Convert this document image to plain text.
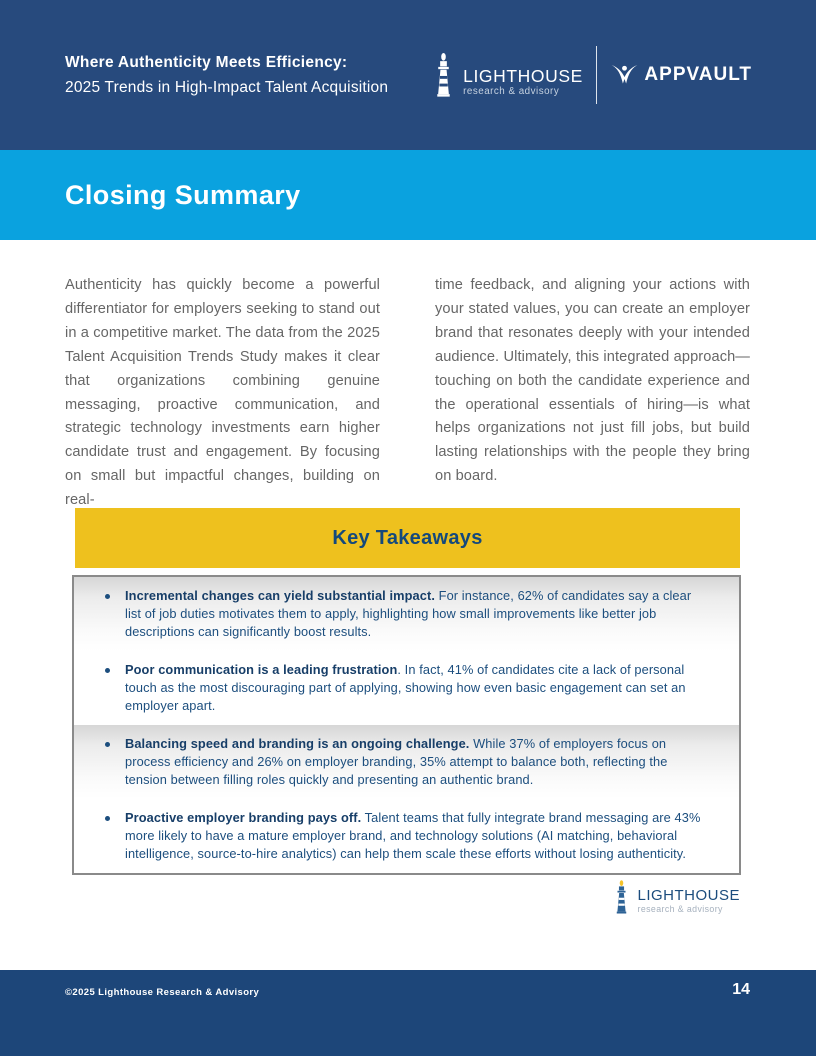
Where Authenticity Meets Efficiency:
2025 Trends in High-Impact Talent Acquisition
LIGHTHOUSE
research & advisory
APPVAULT
Closing Summary
Authenticity has quickly become a powerful differentiator for employers seeking to stand out in a competitive market. The data from the 2025 Talent Acquisition Trends Study makes it clear that organizations combining genuine messaging, proactive communication, and strategic technology investments earn higher candidate trust and engagement. By focusing on small but impactful changes, building on real-
time feedback, and aligning your actions with your stated values, you can create an employer brand that resonates deeply with your intended audience. Ultimately, this integrated approach—touching on both the candidate experience and the operational essentials of hiring—is what helps organizations not just fill jobs, but build lasting relationships with the people they bring on board.
Key Takeaways
Incremental changes can yield substantial impact. For instance, 62% of candidates say a clear list of job duties motivates them to apply, highlighting how small improvements like better job descriptions can significantly boost results.
Poor communication is a leading frustration. In fact, 41% of candidates cite a lack of personal touch as the most discouraging part of applying, showing how even basic engagement can set an employer apart.
Balancing speed and branding is an ongoing challenge. While 37% of employers focus on process efficiency and 26% on employer branding, 35% attempt to balance both, reflecting the tension between filling roles quickly and presenting an authentic brand.
Proactive employer branding pays off. Talent teams that fully integrate brand messaging are 43% more likely to have a mature employer brand, and technology solutions (AI matching, behavioral intelligence, source-to-hire analytics) can help them scale these efforts without losing authenticity.
LIGHTHOUSE
research & advisory
©2025 Lighthouse Research & Advisory	14
